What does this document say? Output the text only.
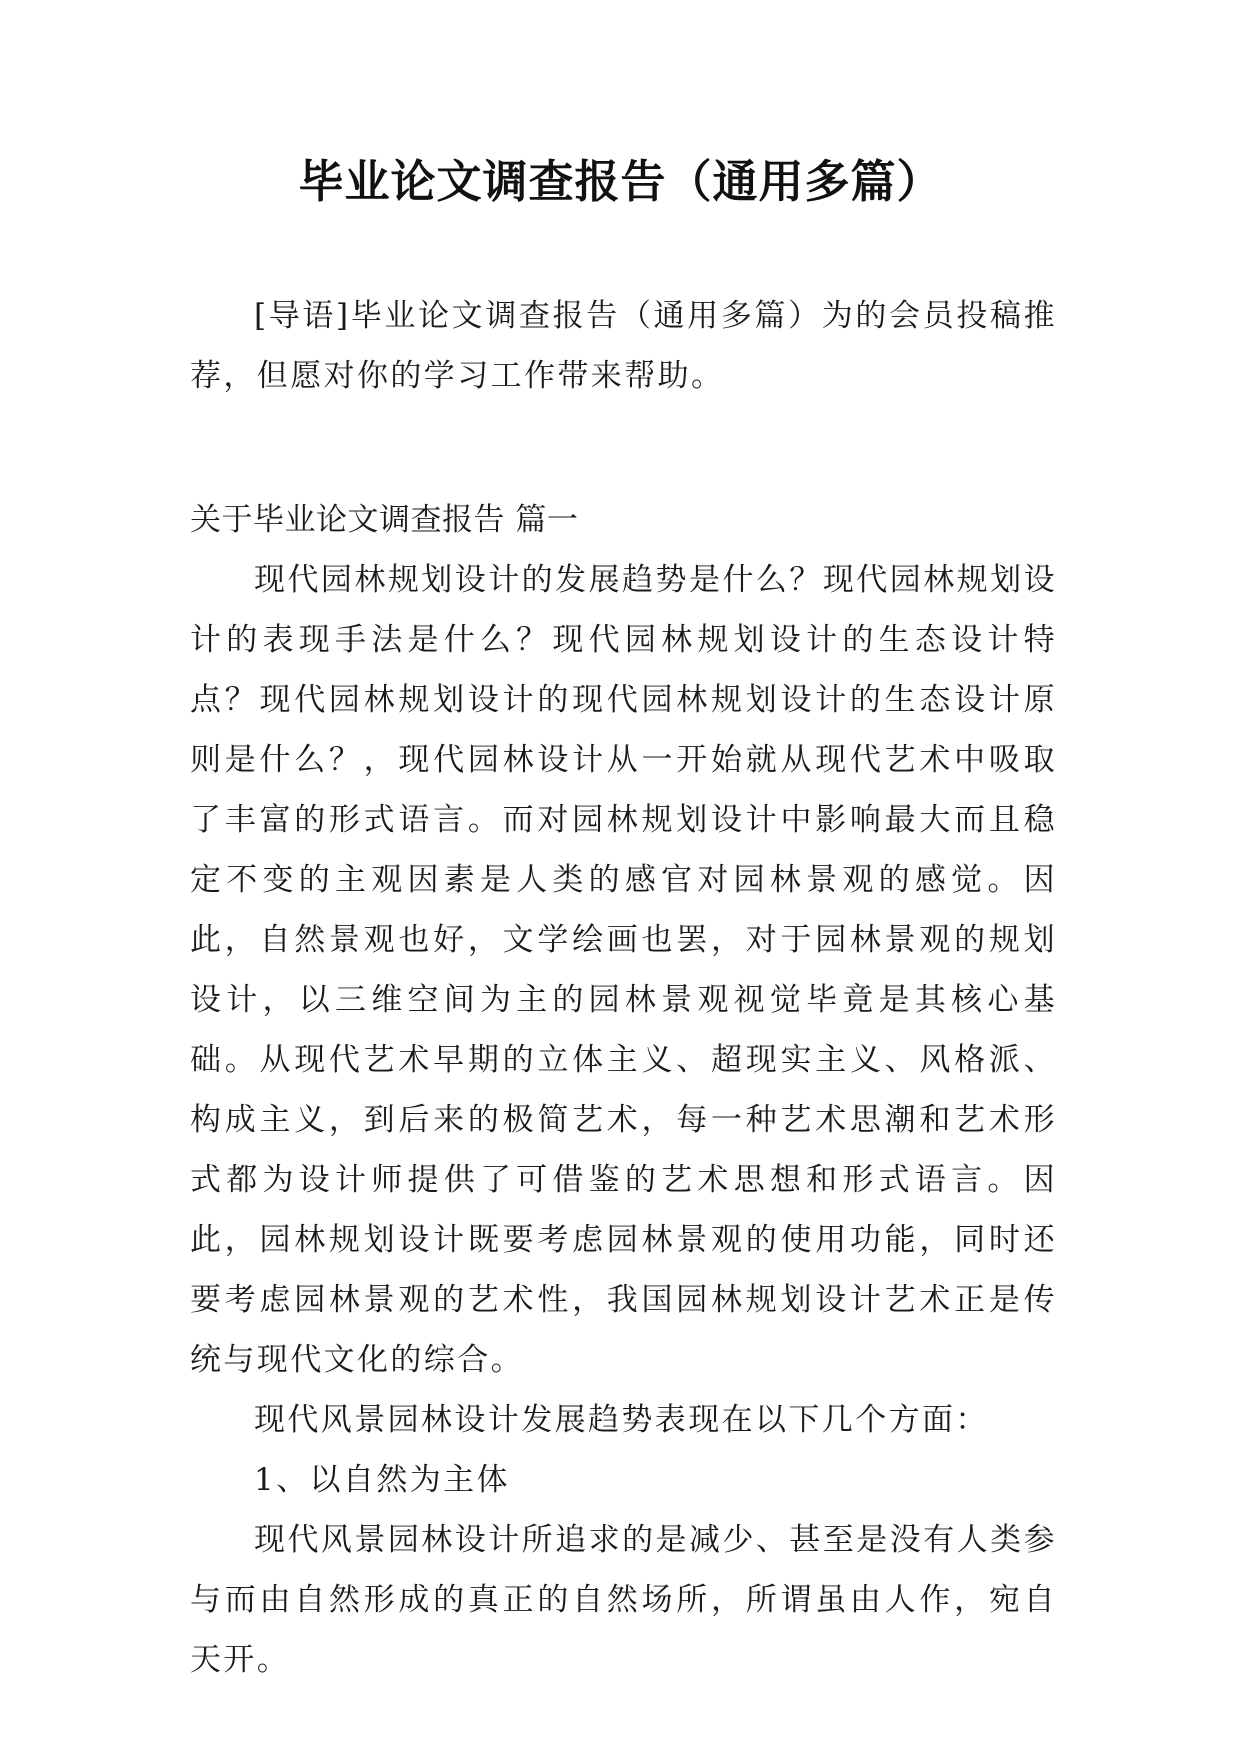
毕业论文调查报告（通用多篇）

[导语]毕业论文调查报告（通用多篇）为的会员投稿推荐，但愿对你的学习工作带来帮助。

关于毕业论文调查报告 篇一

现代园林规划设计的发展趋势是什么？现代园林规划设计的表现手法是什么？现代园林规划设计的生态设计特点？现代园林规划设计的现代园林规划设计的生态设计原则是什么？，现代园林设计从一开始就从现代艺术中吸取了丰富的形式语言。而对园林规划设计中影响最大而且稳定不变的主观因素是人类的感官对园林景观的感觉。因此，自然景观也好，文学绘画也罢，对于园林景观的规划设计，以三维空间为主的园林景观视觉毕竟是其核心基础。从现代艺术早期的立体主义、超现实主义、风格派、构成主义，到后来的极简艺术，每一种艺术思潮和艺术形式都为设计师提供了可借鉴的艺术思想和形式语言。因此，园林规划设计既要考虑园林景观的使用功能，同时还要考虑园林景观的艺术性，我国园林规划设计艺术正是传统与现代文化的综合。

现代风景园林设计发展趋势表现在以下几个方面：

1、以自然为主体

现代风景园林设计所追求的是减少、甚至是没有人类参与而由自然形成的真正的自然场所，所谓虽由人作，宛自天开。
